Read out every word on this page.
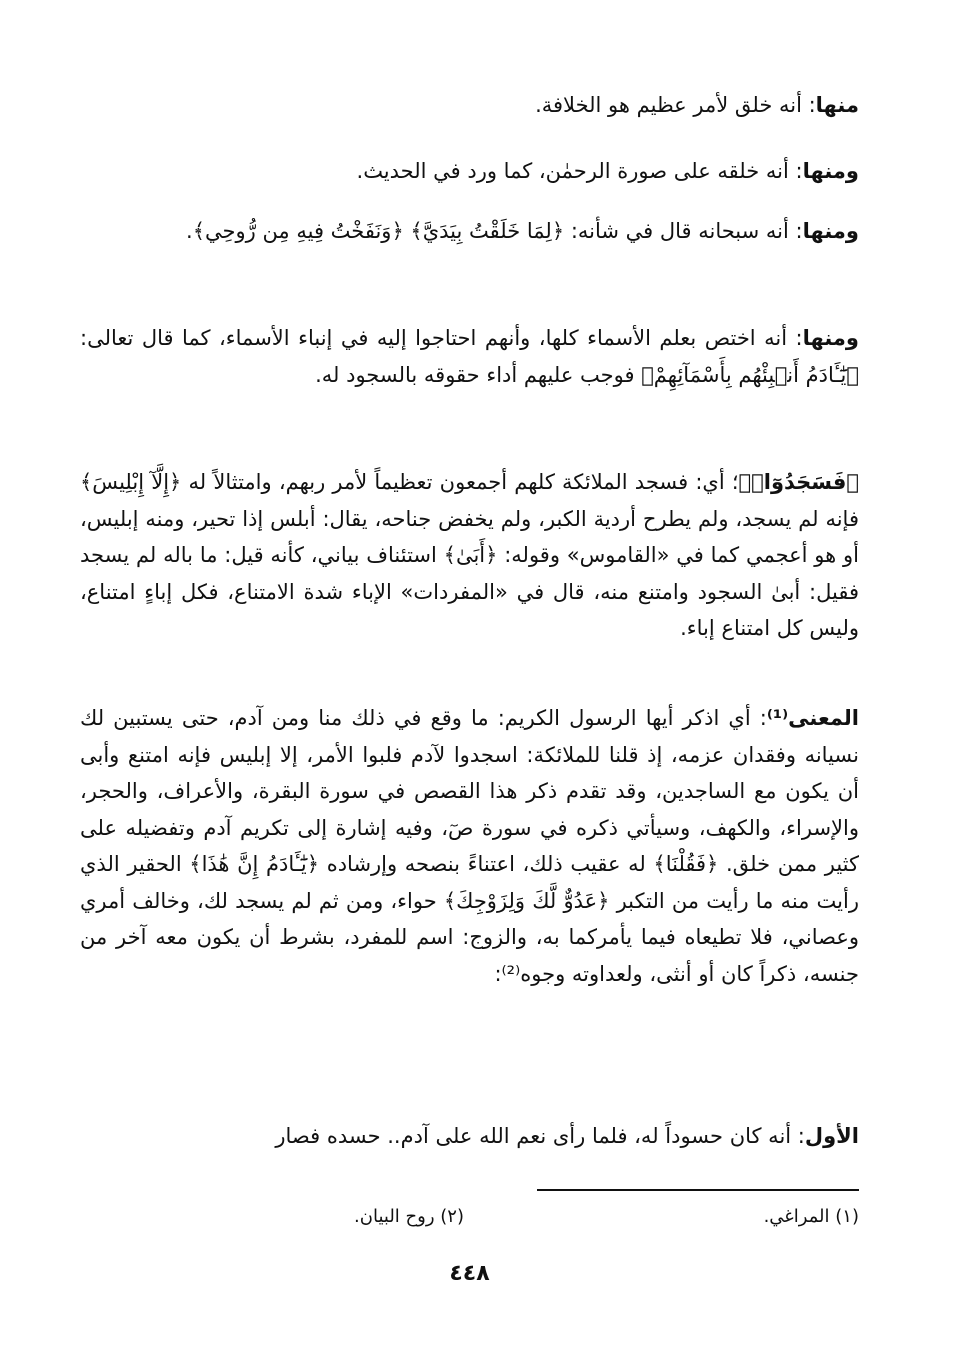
منها: أنه خلق لأمر عظيم هو الخلافة.

ومنها: أنه خلقه على صورة الرحمٰن، كما ورد في الحديث.

ومنها: أنه سبحانه قال في شأنه: ﴿لِمَا خَلَقْتُ بِيَدَيَّ﴾ ﴿وَنَفَخْتُ فِيهِ مِن رُّوحِي﴾.

ومنها: أنه اختص بعلم الأسماء كلها، وأنهم احتاجوا إليه في إنباء الأسماء، كما قال تعالى: ﴿يَٰٓـَٔادَمُ أَنۢبِئْهُم بِأَسْمَآئِهِمْ﴾ فوجب عليهم أداء حقوقه بالسجود له.

﴿فَسَجَدُوٓا۟﴾؛ أي: فسجد الملائكة كلهم أجمعون تعظيماً لأمر ربهم، وامتثالاً له ﴿إِلَّآ إِبْلِيسَ﴾ فإنه لم يسجد، ولم يطرح أردية الكبر، ولم يخفض جناحه، يقال: أبلس إذا تحير، ومنه إبليس، أو هو أعجمي كما في «القاموس» وقوله: ﴿أَبَىٰ﴾ استئناف بياني، كأنه قيل: ما باله لم يسجد فقيل: أبىٰ السجود وامتنع منه، قال في «المفردات» الإباء شدة الامتناع، فكل إباءٍ امتناع، وليس كل امتناع إباء.

المعنى⁽¹⁾: أي اذكر أيها الرسول الكريم: ما وقع في ذلك منا ومن آدم، حتى يستبين لك نسيانه وفقدان عزمه، إذ قلنا للملائكة: اسجدوا لآدم فلبوا الأمر، إلا إبليس فإنه امتنع وأبى أن يكون مع الساجدين، وقد تقدم ذكر هذا القصص في سورة البقرة، والأعراف، والحجر، والإسراء، والكهف، وسيأتي ذكره في سورة صٓ، وفيه إشارة إلى تكريم آدم وتفضيله على كثير ممن خلق. ﴿فَقُلْنَا﴾ له عقيب ذلك، اعتناءً بنصحه وإرشاده ﴿يَٰٓـَٔادَمُ إِنَّ هَٰذَا﴾ الحقير الذي رأيت منه ما رأيت من التكبر ﴿عَدُوٌّ لَّكَ وَلِزَوْجِكَ﴾ حواء، ومن ثم لم يسجد لك، وخالف أمري وعصاني، فلا تطيعاه فيما يأمركما به، والزوج: اسم للمفرد، بشرط أن يكون معه آخر من جنسه، ذكراً كان أو أنثى، ولعداوته وجوه⁽²⁾:

الأول: أنه كان حسوداً له، فلما رأى نعم الله على آدم.. حسده فصار

(١) المراغي.
(٢) روح البيان.
٤٤٨
